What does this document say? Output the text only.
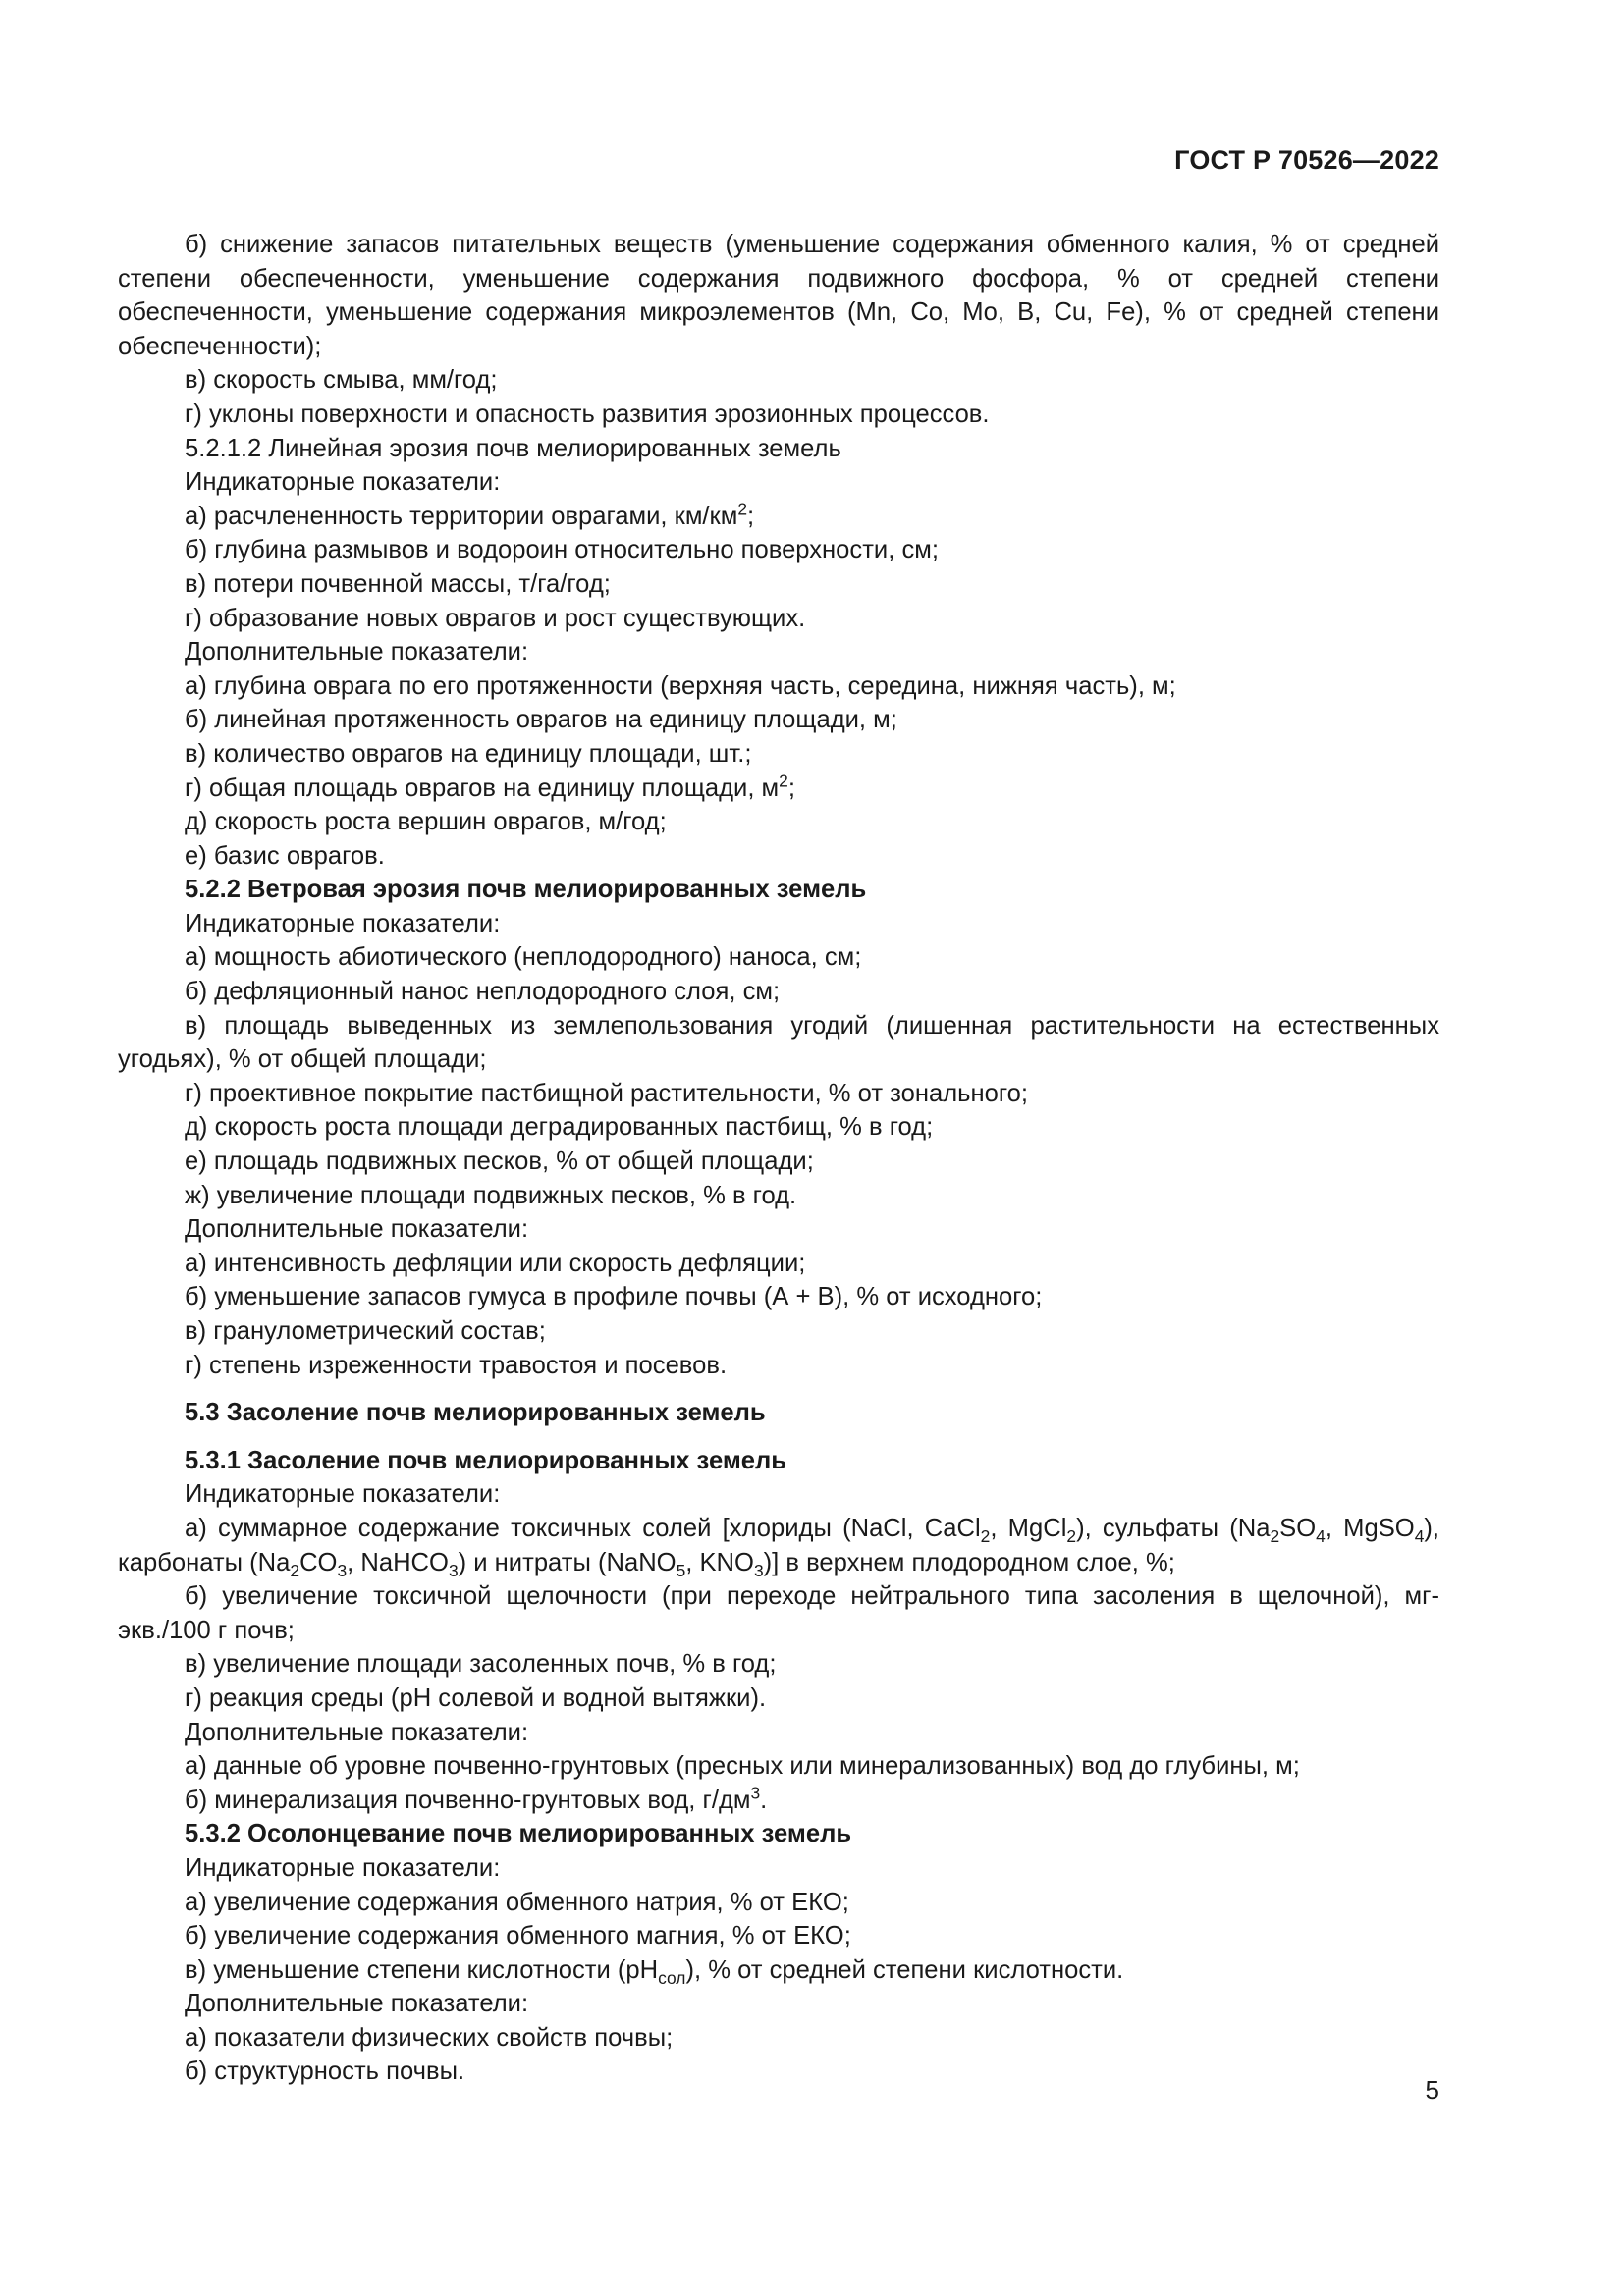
ГОСТ Р 70526—2022

б) снижение запасов питательных веществ (уменьшение содержания обменного калия, % от средней степени обеспеченности, уменьшение содержания подвижного фосфора, % от средней степени обеспеченности, уменьшение содержания микроэлементов (Mn, Co, Mo, B, Cu, Fe), % от средней степени обеспеченности);

в) скорость смыва, мм/год;

г) уклоны поверхности и опасность развития эрозионных процессов.

5.2.1.2 Линейная эрозия почв мелиорированных земель

Индикаторные показатели:

а) расчлененность территории оврагами, $км/км^2$;

б) глубина размывов и водороин относительно поверхности, см;

в) потери почвенной массы, т/га/год;

г) образование новых оврагов и рост существующих.

Дополнительные показатели:

а) глубина оврага по его протяженности (верхняя часть, середина, нижняя часть), м;

б) линейная протяженность оврагов на единицу площади, м;

в) количество оврагов на единицу площади, шт.;

г) общая площадь оврагов на единицу площади, $м^2$;

д) скорость роста вершин оврагов, м/год;

е) базис оврагов.

5.2.2 Ветровая эрозия почв мелиорированных земель

Индикаторные показатели:

а) мощность абиотического (неплодородного) наноса, см;

б) дефляционный нанос неплодородного слоя, см;

в) площадь выведенных из землепользования угодий (лишенная растительности на естественных угодьях), % от общей площади;

г) проективное покрытие пастбищной растительности, % от зонального;

д) скорость роста площади деградированных пастбищ, % в год;

е) площадь подвижных песков, % от общей площади;

ж) увеличение площади подвижных песков, % в год.

Дополнительные показатели:

а) интенсивность дефляции или скорость дефляции;

б) уменьшение запасов гумуса в профиле почвы (А + В), % от исходного;

в) гранулометрический состав;

г) степень изреженности травостоя и посевов.

5.3 Засоление почв мелиорированных земель

5.3.1 Засоление почв мелиорированных земель

Индикаторные показатели:

а) суммарное содержание токсичных солей [хлориды (NaCl, CaCl$_2$, MgCl$_2$), сульфаты ($Na_2SO_4$, MgSO$_4$), карбонаты ($Na_2CO_3$, NaHCO$_3$) и нитраты (NaNO$_5$, $KNO_3$)] в верхнем плодородном слое, %;

б) увеличение токсичной щелочности (при переходе нейтрального типа засоления в щелочной), мг-экв./100 г почв;

в) увеличение площади засоленных почв, % в год;

г) реакция среды (pH солевой и водной вытяжки).

Дополнительные показатели:

а) данные об уровне почвенно-грунтовых (пресных или минерализованных) вод до глубины, м;

б) минерализация почвенно-грунтовых вод, $г/дм^3$.

5.3.2 Осолонцевание почв мелиорированных земель

Индикаторные показатели:

а) увеличение содержания обменного натрия, % от ЕКО;

б) увеличение содержания обменного магния, % от ЕКО;

в) уменьшение степени кислотности $(pH_{сол})$, % от средней степени кислотности.

Дополнительные показатели:

а) показатели физических свойств почвы;

б) структурность почвы.

5
